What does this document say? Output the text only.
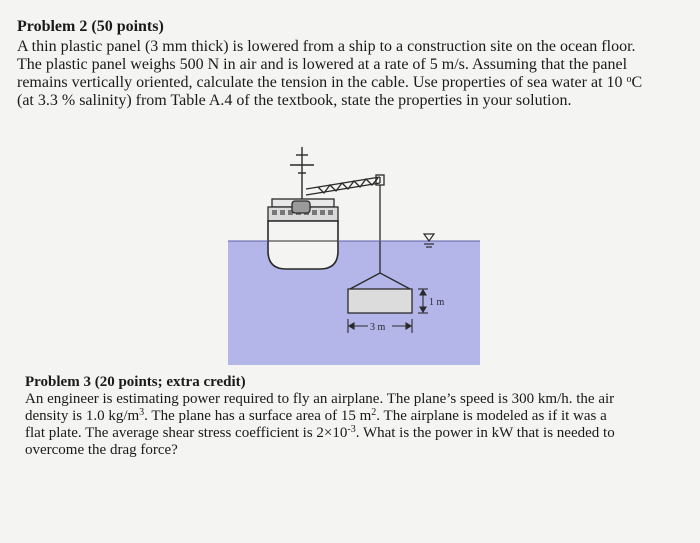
Problem 2 (50 points)
A thin plastic panel (3 mm thick) is lowered from a ship to a construction site on the ocean floor.
The plastic panel weighs 500 N in air and is lowered at a rate of 5 m/s. Assuming that the panel
remains vertically oriented, calculate the tension in the cable. Use properties of sea water at 10 $^o$C
(at 3.3 % salinity) from Table A.4 of the textbook, state the properties in your solution.
1 m
3 m
Problem 3 (20 points; extra credit)
An engineer is estimating power required to fly an airplane. The plane’s speed is 300 km/h. the air
density is 1.0 $kg/m^3$. The plane has a surface area of 15 $m^2$. The airplane is modeled as if it was a
flat plate. The average shear stress coefficient is $2\times 10^{-3}$. What is the power in kW that is needed to
overcome the drag force?
